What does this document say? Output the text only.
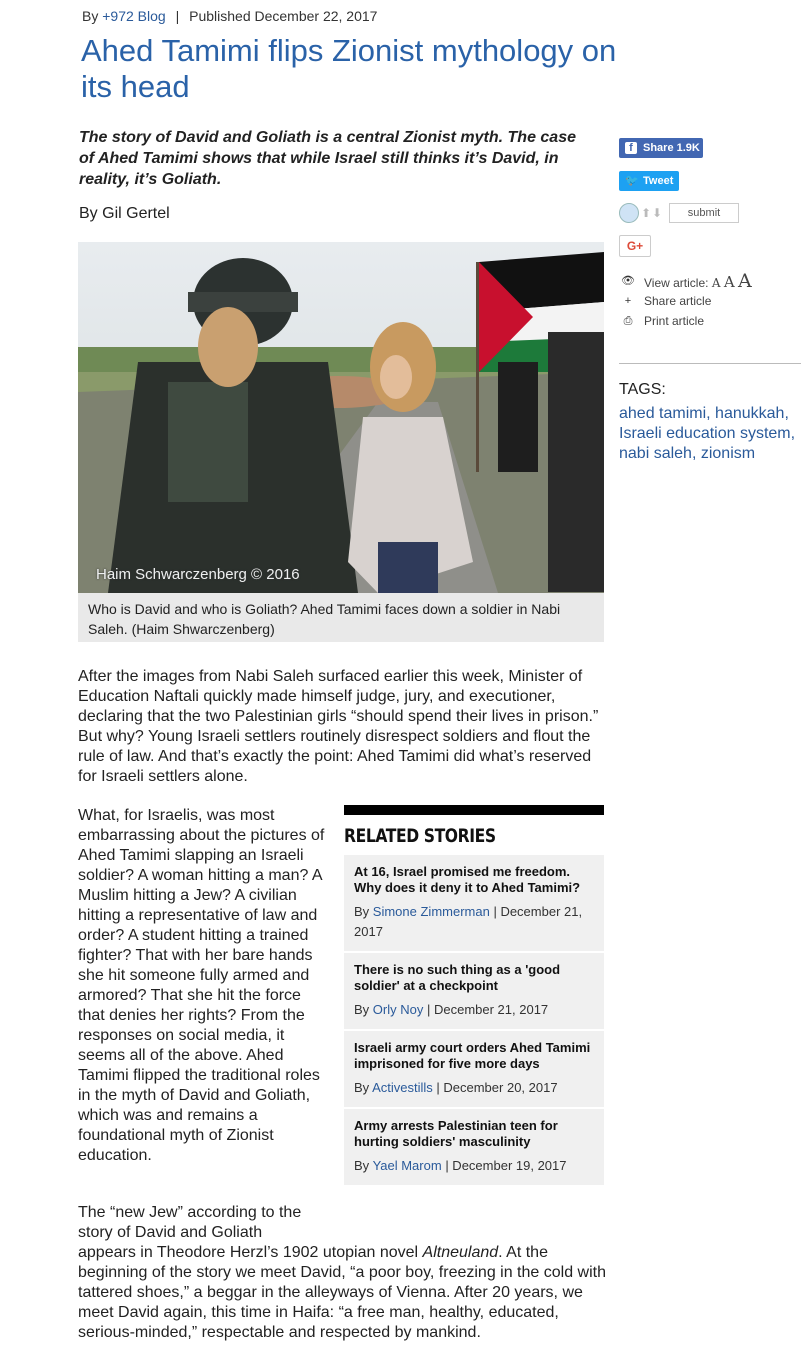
By +972 Blog | Published December 22, 2017
Ahed Tamimi flips Zionist mythology on its head

The story of David and Goliath is a central Zionist myth. The case of Ahed Tamimi shows that while Israel still thinks it’s David, in reality, it’s Goliath.

By Gil Gertel
Haim Schwarczenberg © 2016
Who is David and who is Goliath? Ahed Tamimi faces down a soldier in Nabi Saleh. (Haim Shwarczenberg)

After the images from Nabi Saleh surfaced earlier this week, Minister of Education Naftali quickly made himself judge, jury, and executioner, declaring that the two Palestinian girls “should spend their lives in prison.” But why? Young Israeli settlers routinely disrespect soldiers and flout the rule of law. And that’s exactly the point: Ahed Tamimi did what’s reserved for Israeli settlers alone.

What, for Israelis, was most embarrassing about the pictures of Ahed Tamimi slapping an Israeli soldier? A woman hitting a man? A Muslim hitting a Jew? A civilian hitting a representative of law and order? A student hitting a trained fighter? That with her bare hands she hit someone fully armed and armored? That she hit the force that denies her rights? From the responses on social media, it seems all of the above. Ahed Tamimi flipped the traditional roles in the myth of David and Goliath, which was and remains a foundational myth of Zionist education.

The “new Jew” according to the story of David and Goliath

appears in Theodore Herzl’s 1902 utopian novel Altneuland. At the beginning of the story we meet David, “a poor boy, freezing in the cold with tattered shoes,” a beggar in the alleyways of Vienna. After 20 years, we meet David again, this time in Haifa: “a free man, healthy, educated, serious-minded,” respectable and respected by mankind.

RELATED STORIES
At 16, Israel promised me freedom. Why does it deny it to Ahed Tamimi?
By Simone Zimmerman | December 21, 2017
There is no such thing as a 'good soldier' at a checkpoint
By Orly Noy | December 21, 2017
Israeli army court orders Ahed Tamimi imprisoned for five more days
By Activestills | December 20, 2017
Army arrests Palestinian teen for hurting soldiers' masculinity
By Yael Marom | December 19, 2017
f Share 1.9K
🐦 Tweet
⬆⬇	submit
G+
👁 View article: A A A
+	Share article
⎙ Print article
TAGS:
ahed tamimi, hanukkah,
Israeli education system,
nabi saleh, zionism
